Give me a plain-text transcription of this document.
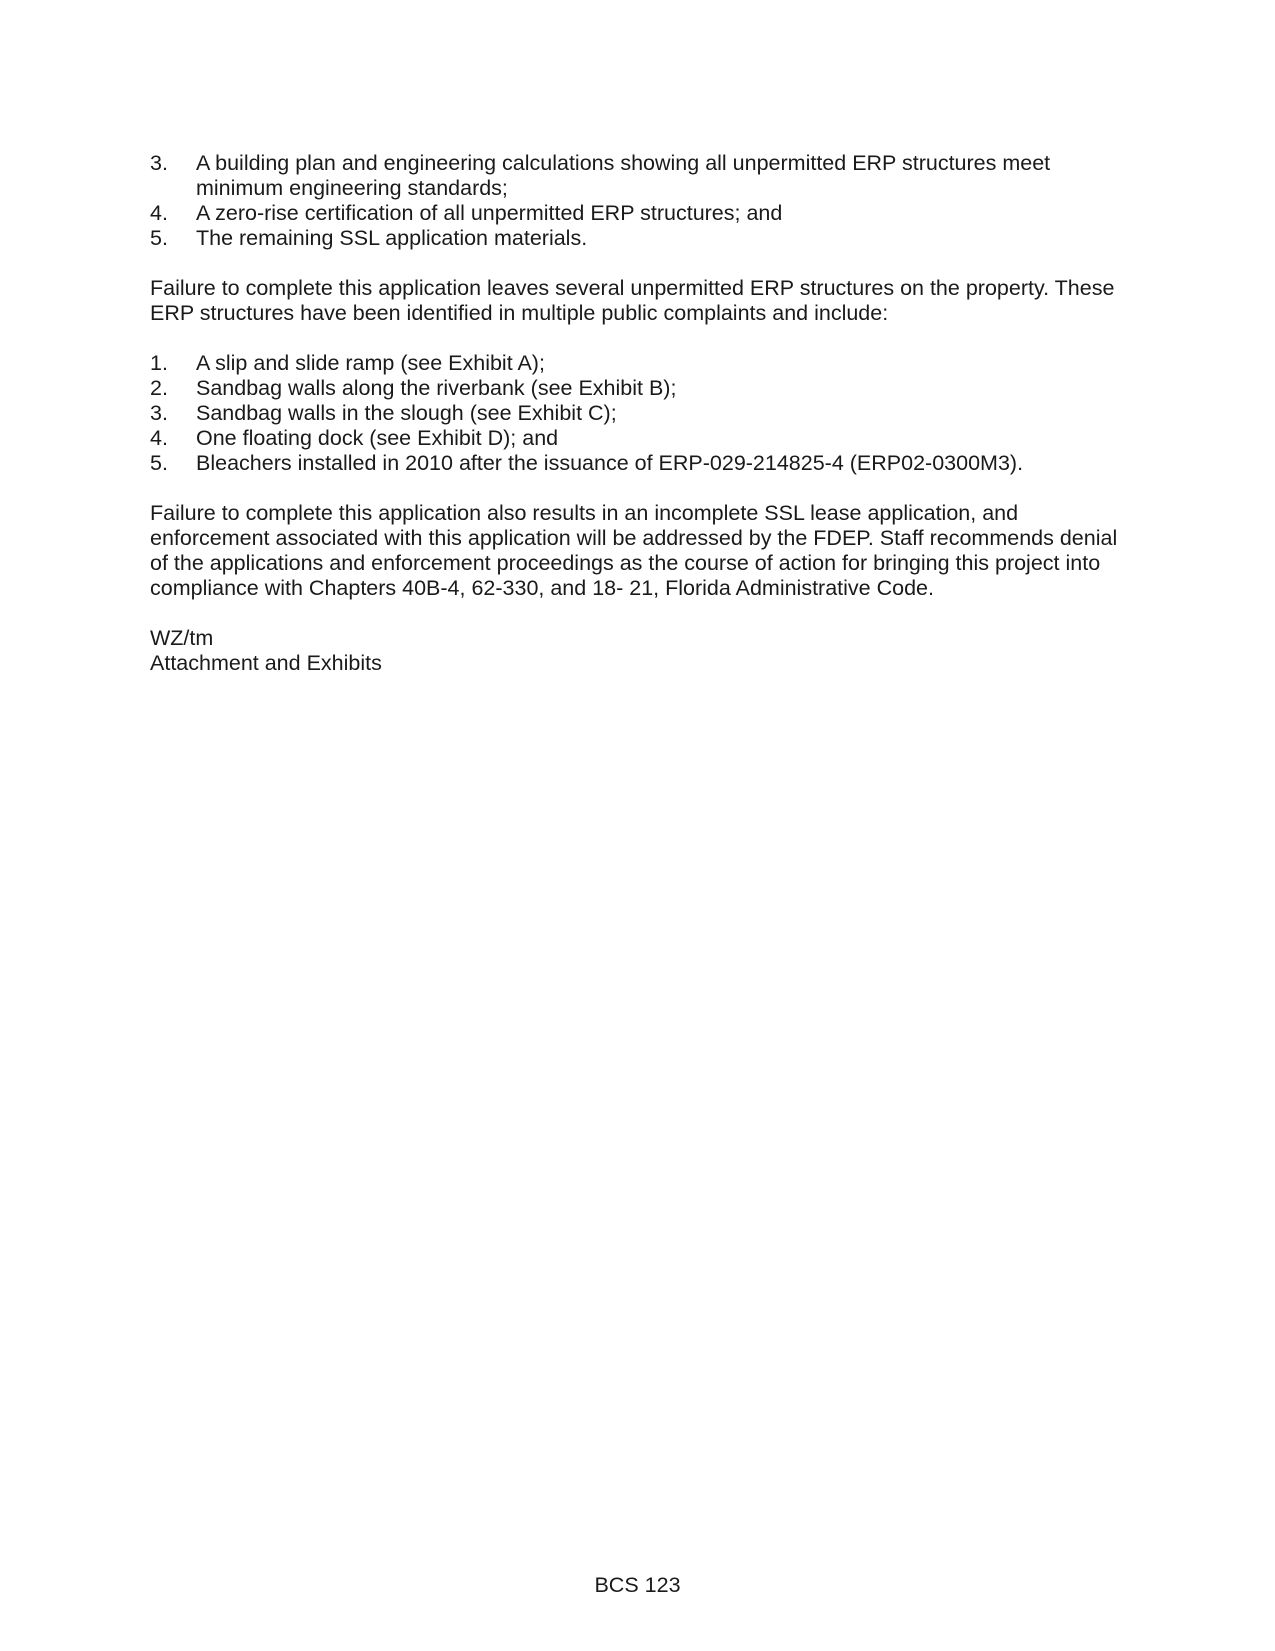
3.	A building plan and engineering calculations showing all unpermitted ERP structures meet minimum engineering standards;
4.	A zero-rise certification of all unpermitted ERP structures; and
5.	The remaining SSL application materials.

Failure to complete this application leaves several unpermitted ERP structures on the property. These ERP structures have been identified in multiple public complaints and include:

1.	A slip and slide ramp (see Exhibit A);
2.	Sandbag walls along the riverbank (see Exhibit B);
3.	Sandbag walls in the slough (see Exhibit C);
4.	One floating dock (see Exhibit D); and
5.	Bleachers installed in 2010 after the issuance of ERP-029-214825-4 (ERP02-0300M3).

Failure to complete this application also results in an incomplete SSL lease application, and enforcement associated with this application will be addressed by the FDEP. Staff recommends denial of the applications and enforcement proceedings as the course of action for bringing this project into compliance with Chapters 40B-4, 62-330, and 18- 21, Florida Administrative Code.

WZ/tm

Attachment and Exhibits

BCS 123
